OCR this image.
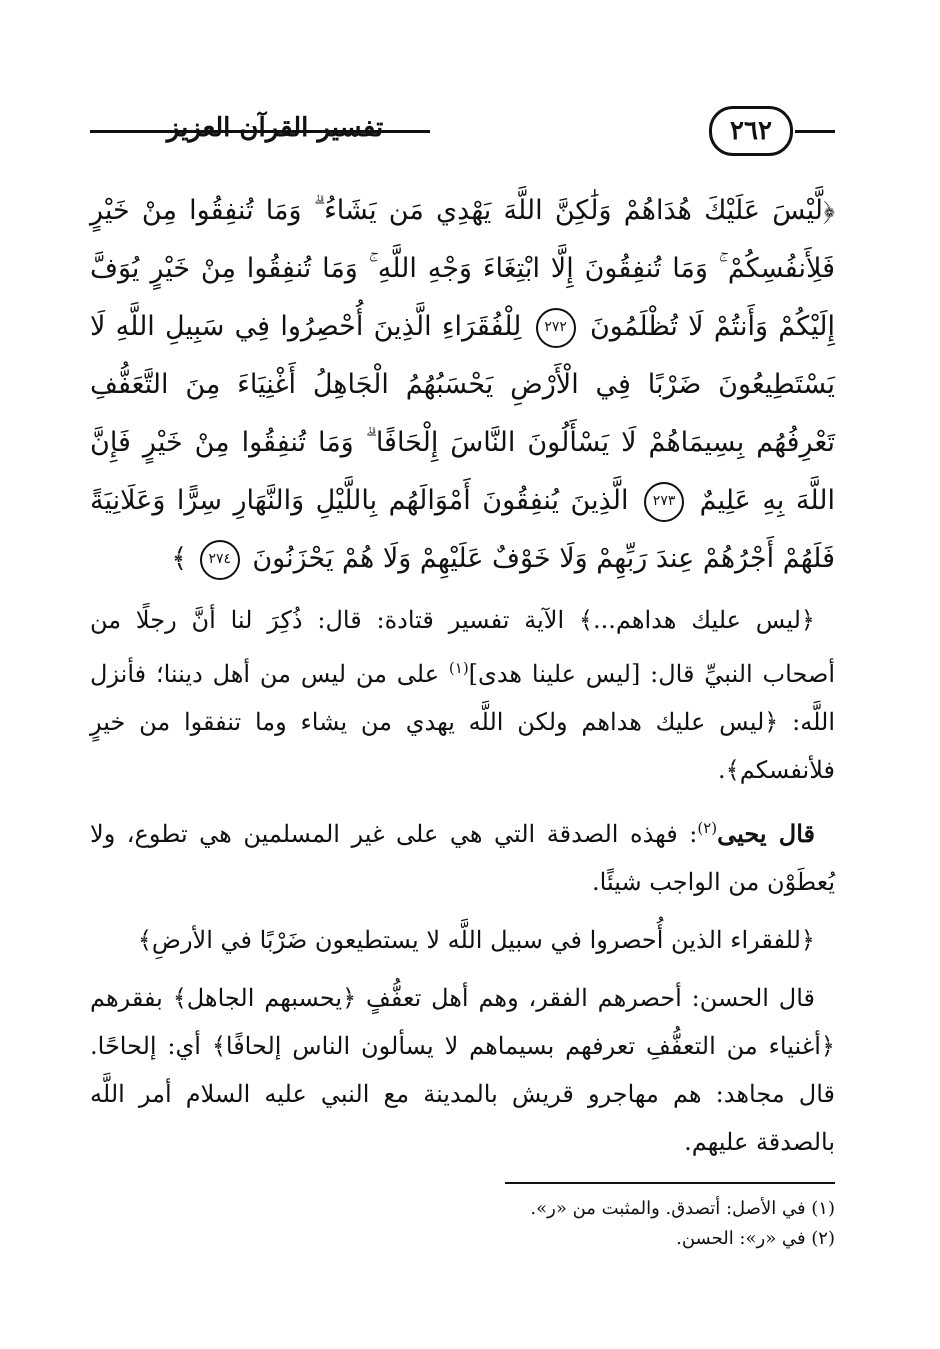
٢٦٢
تفسير القرآن العزيز

﴿لَّيْسَ عَلَيْكَ هُدَاهُمْ وَلَٰكِنَّ اللَّهَ يَهْدِي مَن يَشَاءُ ۗ وَمَا تُنفِقُوا مِنْ خَيْرٍ فَلِأَنفُسِكُمْ ۚ وَمَا تُنفِقُونَ إِلَّا ابْتِغَاءَ وَجْهِ اللَّهِ ۚ وَمَا تُنفِقُوا مِنْ خَيْرٍ يُوَفَّ إِلَيْكُمْ وَأَنتُمْ لَا تُظْلَمُونَ ٢٧٢ لِلْفُقَرَاءِ الَّذِينَ أُحْصِرُوا فِي سَبِيلِ اللَّهِ لَا يَسْتَطِيعُونَ ضَرْبًا فِي الْأَرْضِ يَحْسَبُهُمُ الْجَاهِلُ أَغْنِيَاءَ مِنَ التَّعَفُّفِ تَعْرِفُهُم بِسِيمَاهُمْ لَا يَسْأَلُونَ النَّاسَ إِلْحَافًا ۗ وَمَا تُنفِقُوا مِنْ خَيْرٍ فَإِنَّ اللَّهَ بِهِ عَلِيمٌ ٢٧٣ الَّذِينَ يُنفِقُونَ أَمْوَالَهُم بِاللَّيْلِ وَالنَّهَارِ سِرًّا وَعَلَانِيَةً فَلَهُمْ أَجْرُهُمْ عِندَ رَبِّهِمْ وَلَا خَوْفٌ عَلَيْهِمْ وَلَا هُمْ يَحْزَنُونَ ٢٧٤ ﴾

﴿ليس عليك هداهم...﴾ الآية تفسير قتادة: قال: ذُكِرَ لنا أنَّ رجلًا من أصحاب النبيِّ قال: [ليس علينا هدى]$^{(١)}$ على من ليس من أهل ديننا؛ فأنزل اللَّه: ﴿ليس عليك هداهم ولكن اللَّه يهدي من يشاء وما تنفقوا من خيرٍ فلأنفسكم﴾.

قال يحيى$^{(٢)}$: فهذه الصدقة التي هي على غير المسلمين هي تطوع، ولا يُعطَوْن من الواجب شيئًا.

﴿للفقراء الذين أُحصروا في سبيل اللَّه لا يستطيعون ضَرْبًا في الأرضِ﴾

قال الحسن: أحصرهم الفقر، وهم أهل تعفُّفٍ ﴿يحسبهم الجاهل﴾ بفقرهم ﴿أغنياء من التعفُّفِ تعرفهم بسيماهم لا يسألون الناس إلحافًا﴾ أي: إلحاحًا. قال مجاهد: هم مهاجرو قريش بالمدينة مع النبي عليه السلام أمر اللَّه بالصدقة عليهم.

(١) في الأصل: أتصدق. والمثبت من «ر».
(٢) في «ر»: الحسن.
